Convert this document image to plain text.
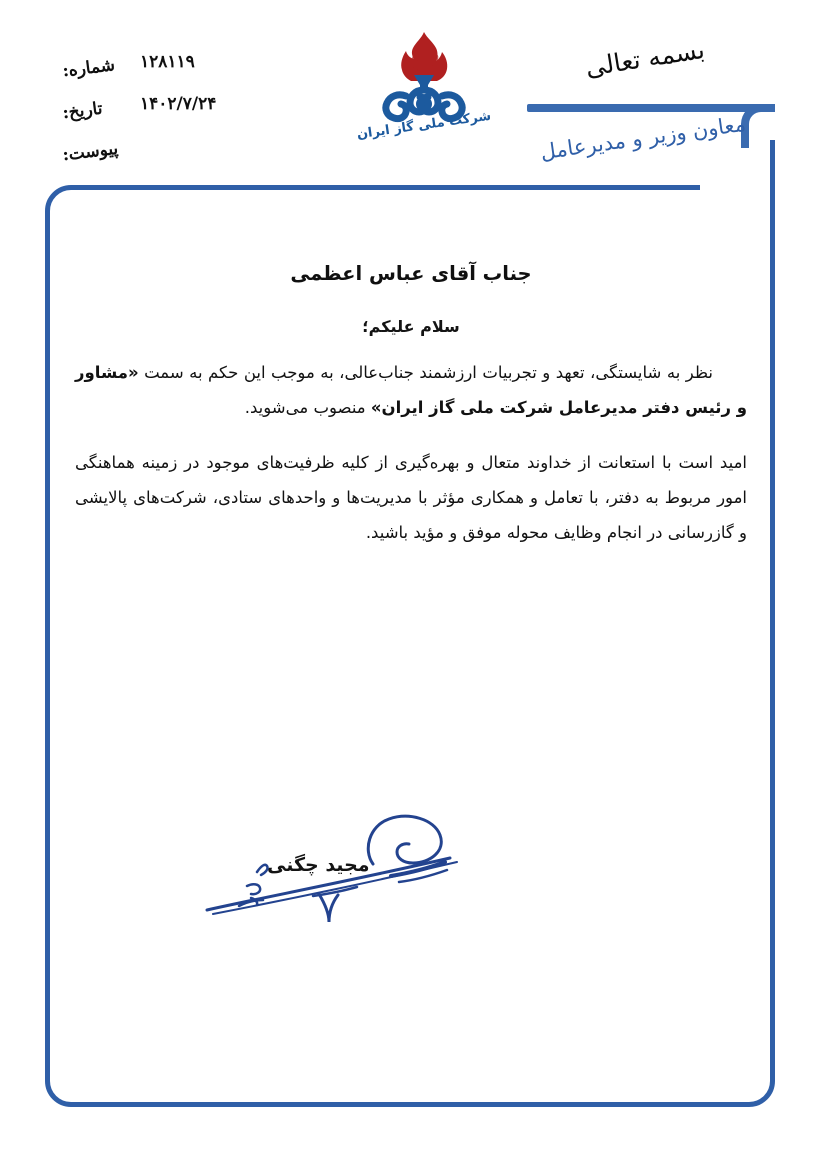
شماره:	۱۲۸۱۱۹
تاریخ:	۱۴۰۲/۷/۲۴
پیوست:
شرکت ملی گاز ایران
بسمه تعالی
معاون وزیر و مدیرعامل
جناب آقای عباس اعظمی
سلام علیکم؛

نظر به شایستگی، تعهد و تجربیات ارزشمند جناب‌عالی، به موجب این حکم به سمت «مشاور و رئیس دفتر مدیرعامل شرکت ملی گاز ایران» منصوب می‌شوید.

امید است با استعانت از خداوند متعال و بهره‌گیری از کلیه ظرفیت‌های موجود در زمینه هماهنگی امور مربوط به دفتر، با تعامل و همکاری مؤثر با مدیریت‌ها و واحدهای ستادی، شرکت‌های پالایشی و گازرسانی در انجام وظایف محوله موفق و مؤید باشید.

مجید چگنی
